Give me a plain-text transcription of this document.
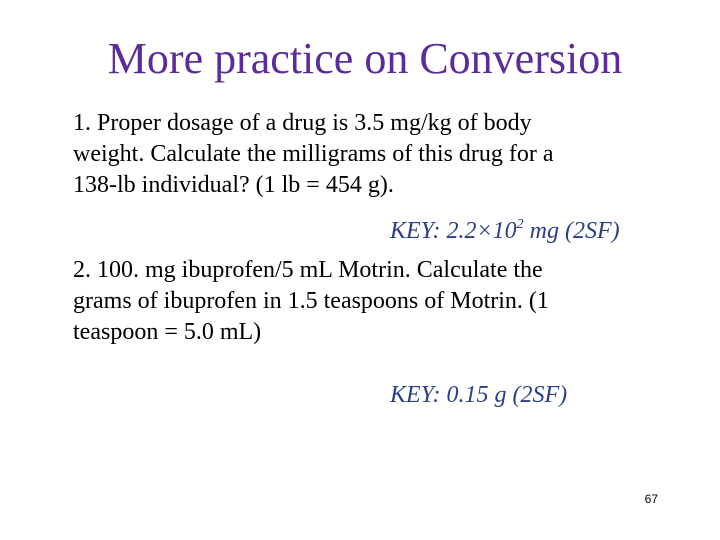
More practice on Conversion
1. Proper dosage of a drug is 3.5 mg/kg of body
weight. Calculate the milligrams of this drug for a
138-lb individual? (1 lb = 454 g).
KEY: $2.2\times 10^2$ mg (2SF)
2. 100. mg ibuprofen/5 mL Motrin. Calculate the
grams of ibuprofen in 1.5 teaspoons of Motrin. (1
teaspoon = 5.0 mL)
KEY: 0.15 g (2SF)
67
